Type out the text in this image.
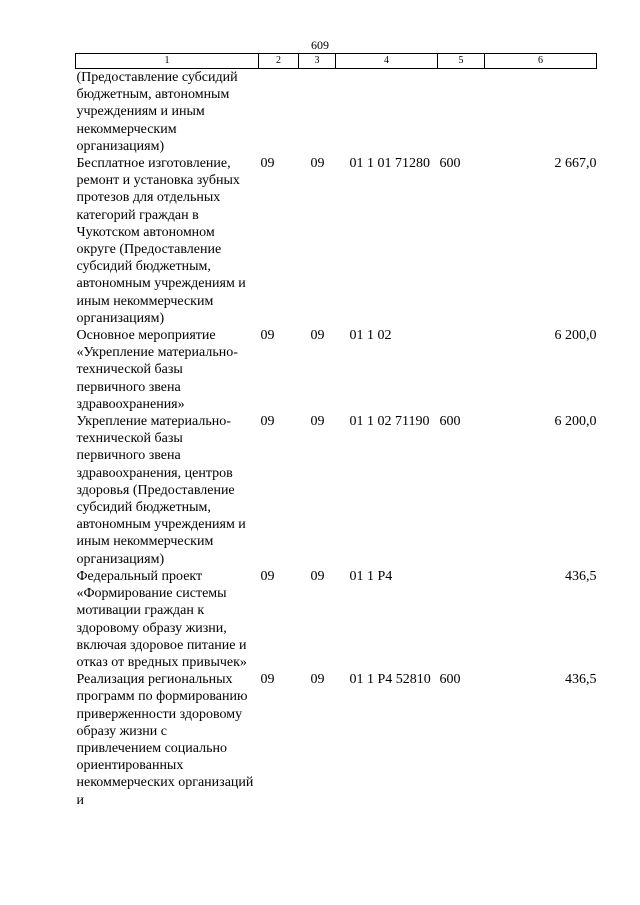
609
1	2	3	4	5	6
(Предоставление субсидий бюджетным, автономным учреждениям и иным некоммерческим организациям)					
Бесплатное изготовление, ремонт и установка зубных протезов для отдельных категорий граждан в Чукотском автономном округе (Предоставление субсидий бюджетным, автономным учреждениям и иным некоммерческим организациям)	09	09	01 1 01 71280	600	2 667,0
Основное мероприятие «Укрепление материально-технической базы первичного звена здравоохранения»	09	09	01 1 02		6 200,0
Укрепление материально-технической базы первичного звена здравоохранения, центров здоровья (Предоставление субсидий бюджетным, автономным учреждениям и иным некоммерческим организациям)	09	09	01 1 02 71190	600	6 200,0
Федеральный проект «Формирование системы мотивации граждан к здоровому образу жизни, включая здоровое питание и отказ от вредных привычек»	09	09	01 1 P4		436,5
Реализация региональных программ по формированию приверженности здоровому образу жизни с привлечением социально ориентированных некоммерческих организаций и	09	09	01 1 P4 52810	600	436,5
